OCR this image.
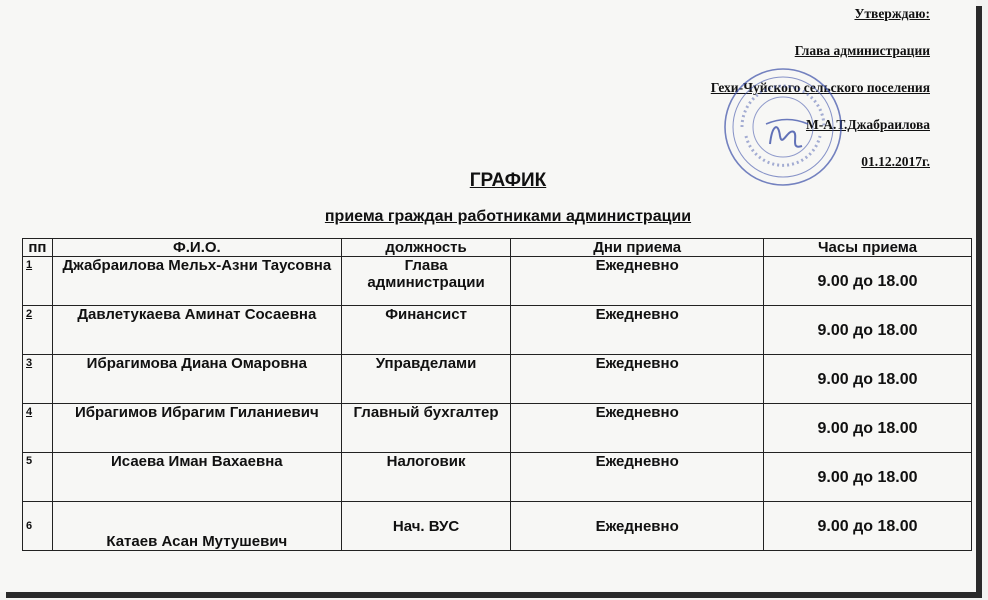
Утверждаю:
Глава администрации
Гехи-Чуйского сельского поселения
М-А.Т.Джабраилова
01.12.2017г.
ГРАФИК
приема граждан работниками администрации
пп	Ф.И.О.	должность	Дни приема	Часы приема
1	Джабраилова Мельх-Азни Таусовна	Глава администрации	Ежедневно	9.00 до 18.00
2	Давлетукаева Аминат Сосаевна	Финансист	Ежедневно	9.00 до 18.00
3	Ибрагимова Диана Омаровна	Управделами	Ежедневно	9.00 до 18.00
4	Ибрагимов Ибрагим Гиланиевич	Главный бухгалтер	Ежедневно	9.00 до 18.00
5	Исаева Иман Вахаевна	Налоговик	Ежедневно	9.00 до 18.00
6	Катаев Асан Мутушевич	Нач. ВУС	Ежедневно	9.00 до 18.00
